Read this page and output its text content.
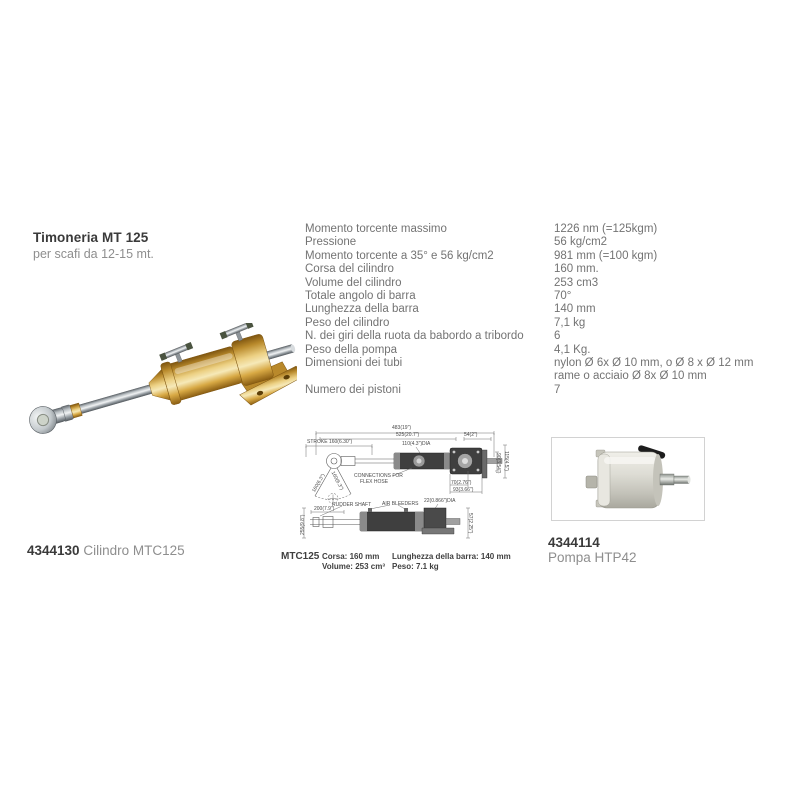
Timoneria MT 125
per scafi da 12-15 mt.
Momento torcente massimo	1226 nm (=125kgm)
Pressione	56 kg/cm2
Momento torcente a 35° e 56 kg/cm2	981 mm (=100 kgm)
Corsa del cilindro	160 mm.
Volume del cilindro	253 cm3
Totale angolo di barra	70°
Lunghezza della barra	140 mm
Peso del cilindro	7,1 kg
N. dei giri della ruota da babordo a tribordo	6
Peso della pompa	4,1 Kg.
Dimensioni dei tubi	nylon Ø 6x Ø 10 mm, o Ø 8 x Ø 12 mm
rame o acciaio Ø 8x Ø 10 mm
Numero dei pistoni	7
4344130 Cilindro MTC125
STROKE 160(6.30")
483(19")
525(20.7")	54(2")
110(4.3")DIA
CONNECTIONS FOR
FLEX HOSE	70(2.76")
93(3.66")
90(3.54") 115(4.5")
160(6.3") 160(6.3")
RUDDER SHAFT
200(7.9")
AIR BLEEDERS 22(0.866")DIA
255(9.8")	57(2.25")
MTC125 Corsa: 160 mm
Volume: 253 cm³
Lunghezza della barra: 140 mm
Peso: 7.1 kg
4344114
Pompa HTP42
